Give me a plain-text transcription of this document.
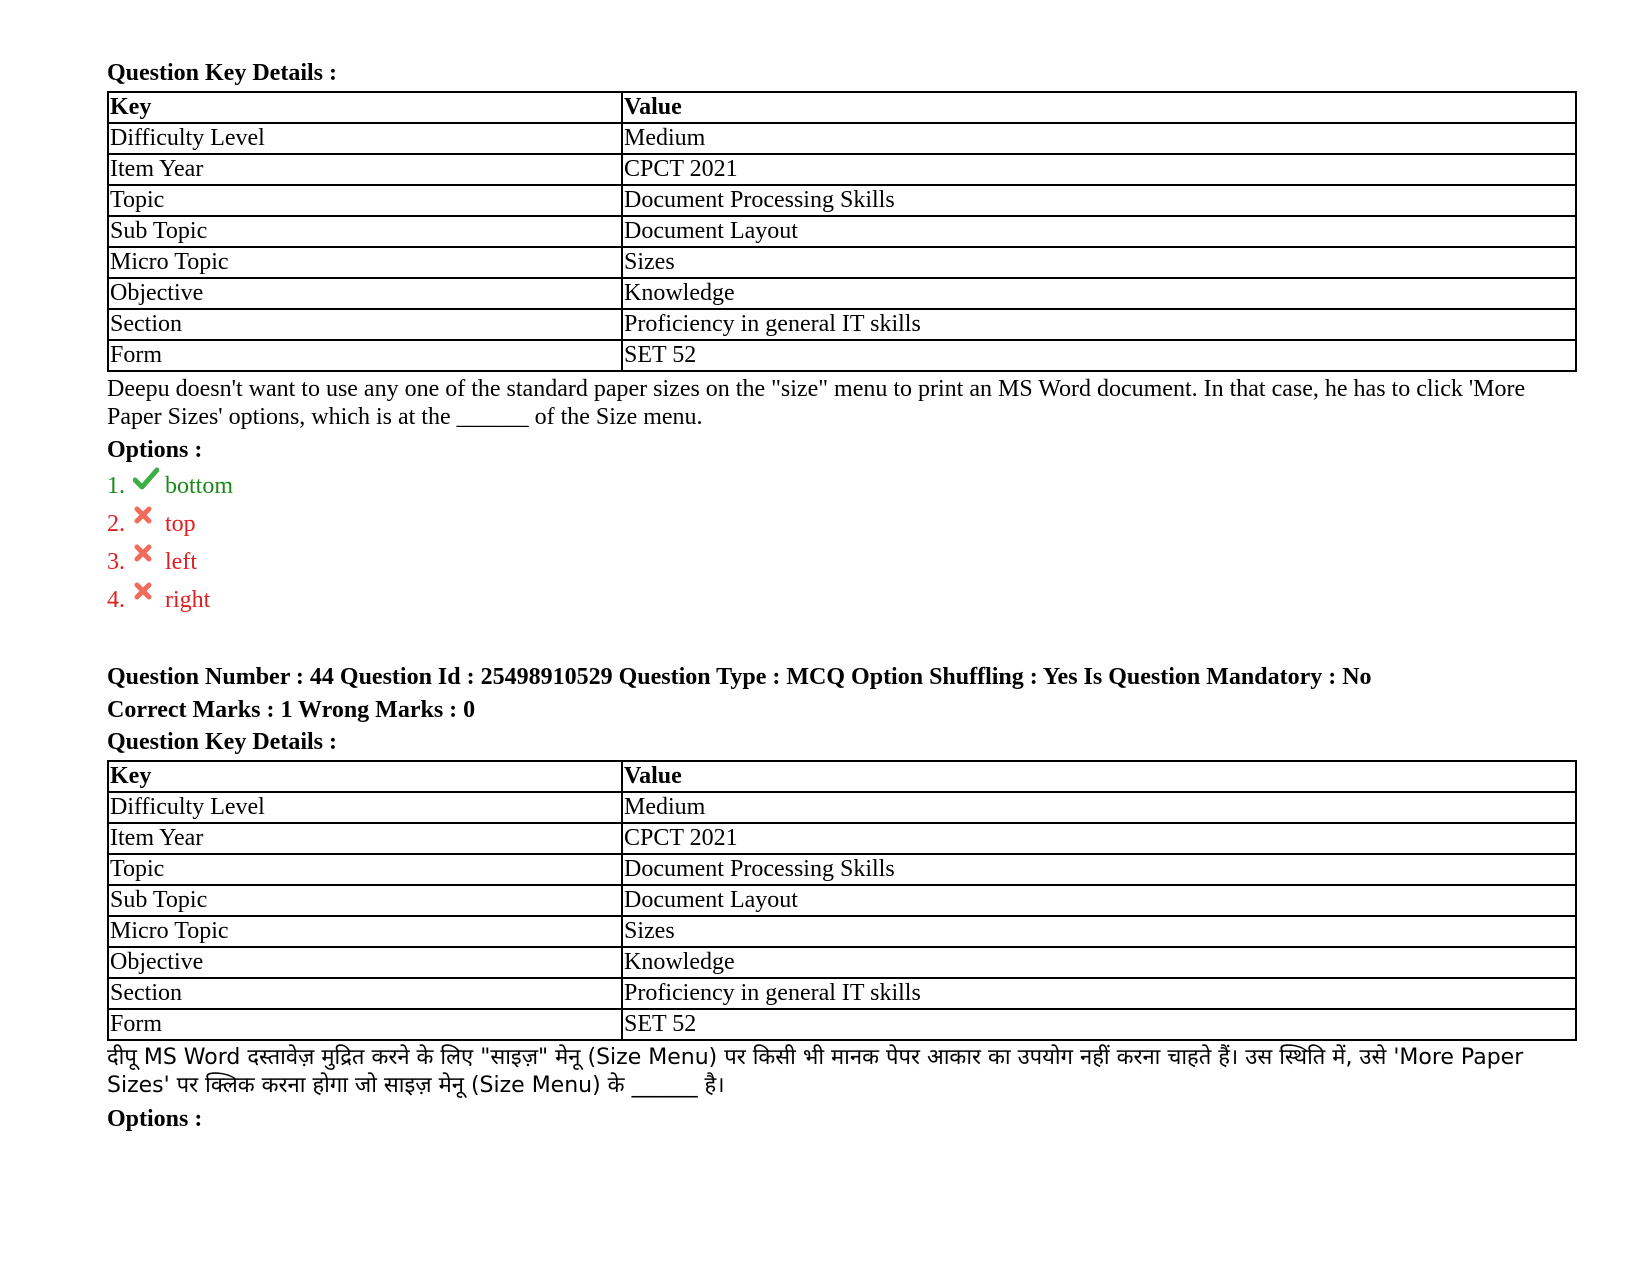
Question Key Details :

Key	Value
Difficulty Level	Medium
Item Year	CPCT 2021
Topic	Document Processing Skills
Sub Topic	Document Layout
Micro Topic	Sizes
Objective	Knowledge
Section	Proficiency in general IT skills
Form	SET 52

Deepu doesn't want to use any one of the standard paper sizes on the "size" menu to print an MS Word document. In that case, he has to click 'More Paper Sizes' options, which is at the ______ of the Size menu.

Options :

1.	bottom
2.	top
3.	left
4.	right

Question Number : 44 Question Id : 25498910529 Question Type : MCQ Option Shuffling : Yes Is Question Mandatory : No

Correct Marks : 1 Wrong Marks : 0

Question Key Details :

Key	Value
Difficulty Level	Medium
Item Year	CPCT 2021
Topic	Document Processing Skills
Sub Topic	Document Layout
Micro Topic	Sizes
Objective	Knowledge
Section	Proficiency in general IT skills
Form	SET 52

दीपू MS Word दस्तावेज़ मुद्रित करने के लिए "साइज़" मेनू (Size Menu) पर किसी भी मानक पेपर आकार का उपयोग नहीं करना चाहते हैं। उस स्थिति में, उसे 'More Paper Sizes' पर क्लिक करना होगा जो साइज़ मेनू (Size Menu) के ______ है।

Options :
